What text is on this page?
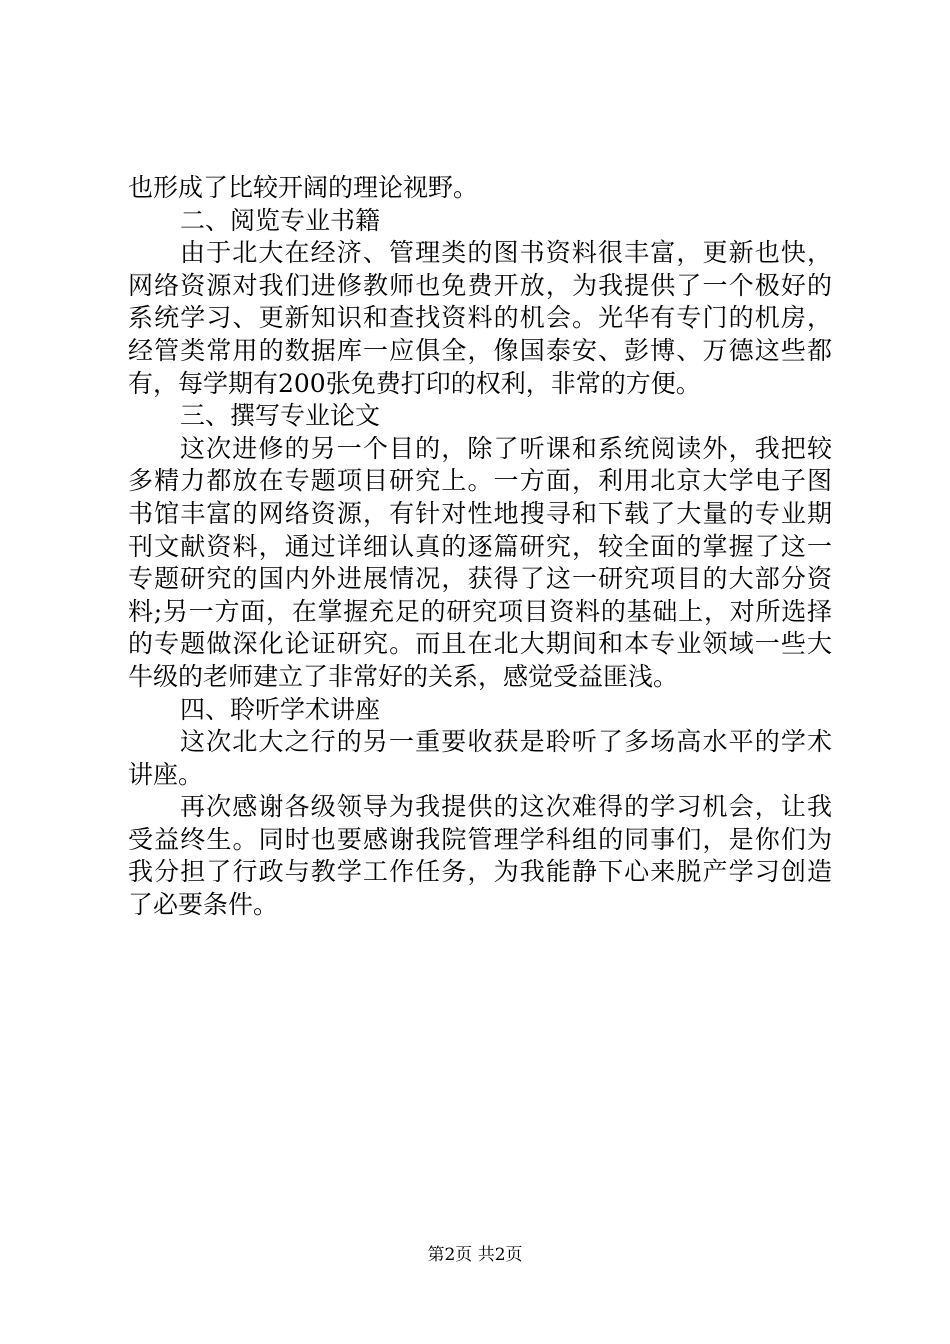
也形成了比较开阔的理论视野。
二、阅览专业书籍
由于北大在经济、管理类的图书资料很丰富，更新也快，
网络资源对我们进修教师也免费开放，为我提供了一个极好的
系统学习、更新知识和查找资料的机会。光华有专门的机房，
经管类常用的数据库一应俱全，像国泰安、彭博、万德这些都
有，每学期有200张免费打印的权利，非常的方便。
三、撰写专业论文
这次进修的另一个目的，除了听课和系统阅读外，我把较
多精力都放在专题项目研究上。一方面，利用北京大学电子图
书馆丰富的网络资源，有针对性地搜寻和下载了大量的专业期
刊文献资料，通过详细认真的逐篇研究，较全面的掌握了这一
专题研究的国内外进展情况，获得了这一研究项目的大部分资
料;另一方面，在掌握充足的研究项目资料的基础上，对所选择
的专题做深化论证研究。而且在北大期间和本专业领域一些大
牛级的老师建立了非常好的关系，感觉受益匪浅。
四、聆听学术讲座
这次北大之行的另一重要收获是聆听了多场高水平的学术
讲座。
再次感谢各级领导为我提供的这次难得的学习机会，让我
受益终生。同时也要感谢我院管理学科组的同事们，是你们为
我分担了行政与教学工作任务，为我能静下心来脱产学习创造
了必要条件。
第2页 共2页
